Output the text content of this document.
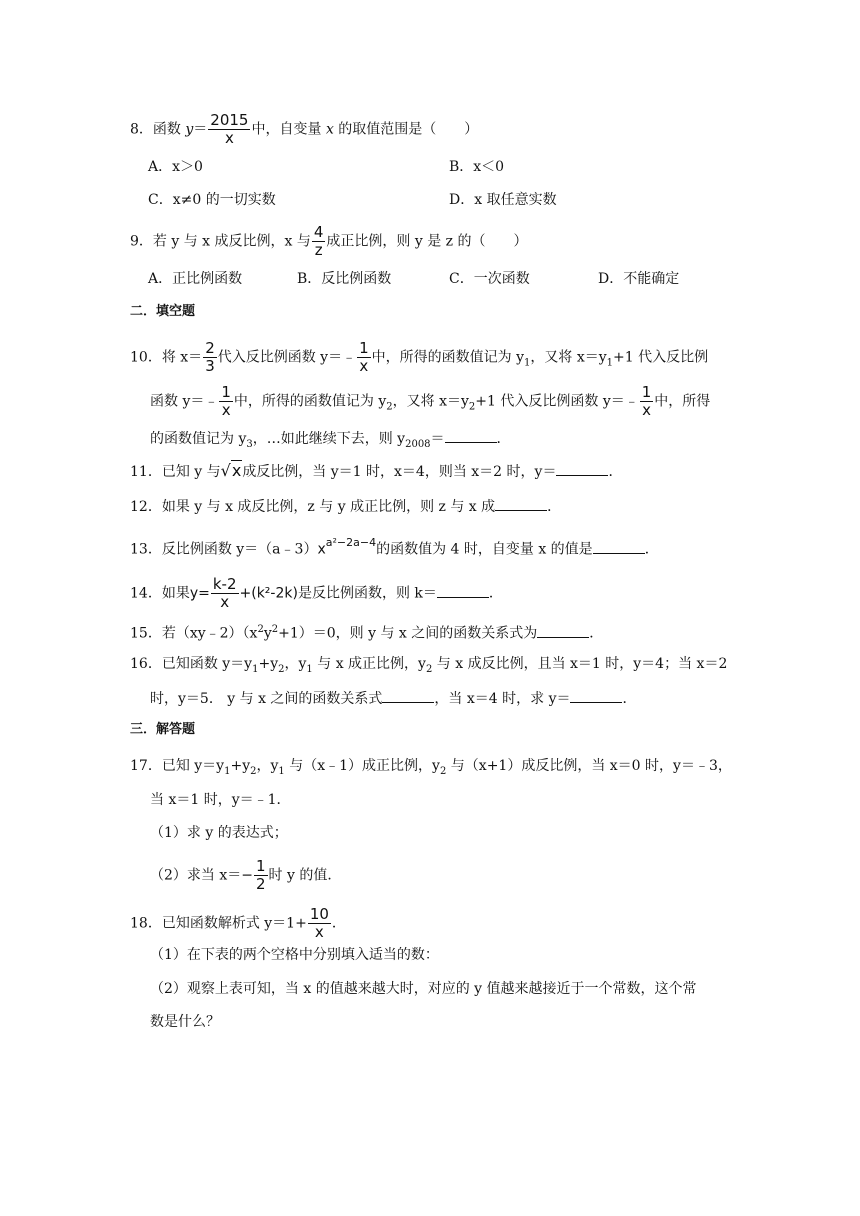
8．函数 $y= \frac{2015}{x}$ 中，自变量 x 的取值范围是（　　）
A．x＞0	B．x＜0
C．x≠0 的一切实数	D．x 取任意实数
9．若 y 与 x 成反比例，x 与 $\frac{4}{z}$ 成正比例，则 y 是 z 的（　　）
A．正比例函数	B．反比例函数	C．一次函数	D．不能确定
二．填空题
10．将 $x= \frac{2}{3}$ 代入反比例函数 y＝﹣ $\frac{1}{x}$ 中，所得的函数值记为 $y_1$，又将 $x=y_1+1$ 代入反比例
函数 y＝﹣ $\frac{1}{x}$ 中，所得的函数值记为 $y_2$，又将 $x=y_2+1$ 代入反比例函数 y＝﹣ $\frac{1}{x}$ 中，所得
的函数值记为 $y_3$，…如此继续下去，则 $y_{2008}=$	．
11．已知 y 与√x成反比例，当 y＝1 时，x＝4，则当 x＝2 时，y＝	．
12．如果 y 与 x 成反比例，z 与 y 成正比例，则 z 与 x 成	．
13．反比例函数 $y=(a﹣3)x^{a^2-2a-4}$的函数值为 4 时，自变量 x 的值是	．
14．如果$y= \frac{k-2}{x} +(k^2-2k)$是反比例函数，则 k＝	．
15．若$(xy﹣2)(x^2y^2+1)=0$，则 y 与 x 之间的函数关系式为	．
16．已知函数 $y=y_1+y_2$，$y_1$ 与 x 成正比例，$y_2$ 与 x 成反比例，且当 x＝1 时，y＝4；当 x＝2
时，y＝5． y 与 x 之间的函数关系式	，当 x＝4 时，求 y＝	．
三．解答题
17．已知 $y=y_1+y_2$，$y_1$ 与（x﹣1）成正比例，$y_2$ 与（x+1）成反比例，当 x＝0 时，y＝﹣3，
当 x＝1 时，y＝﹣1．
（1）求 y 的表达式；
（2）求当 $x=- \frac{1}{2}$ 时 y 的值．
18．已知函数解析式 $y=1+ \frac{10}{x}$ ．
（1）在下表的两个空格中分别填入适当的数：
（2）观察上表可知，当 x 的值越来越大时，对应的 y 值越来越接近于一个常数，这个常
数是什么？
